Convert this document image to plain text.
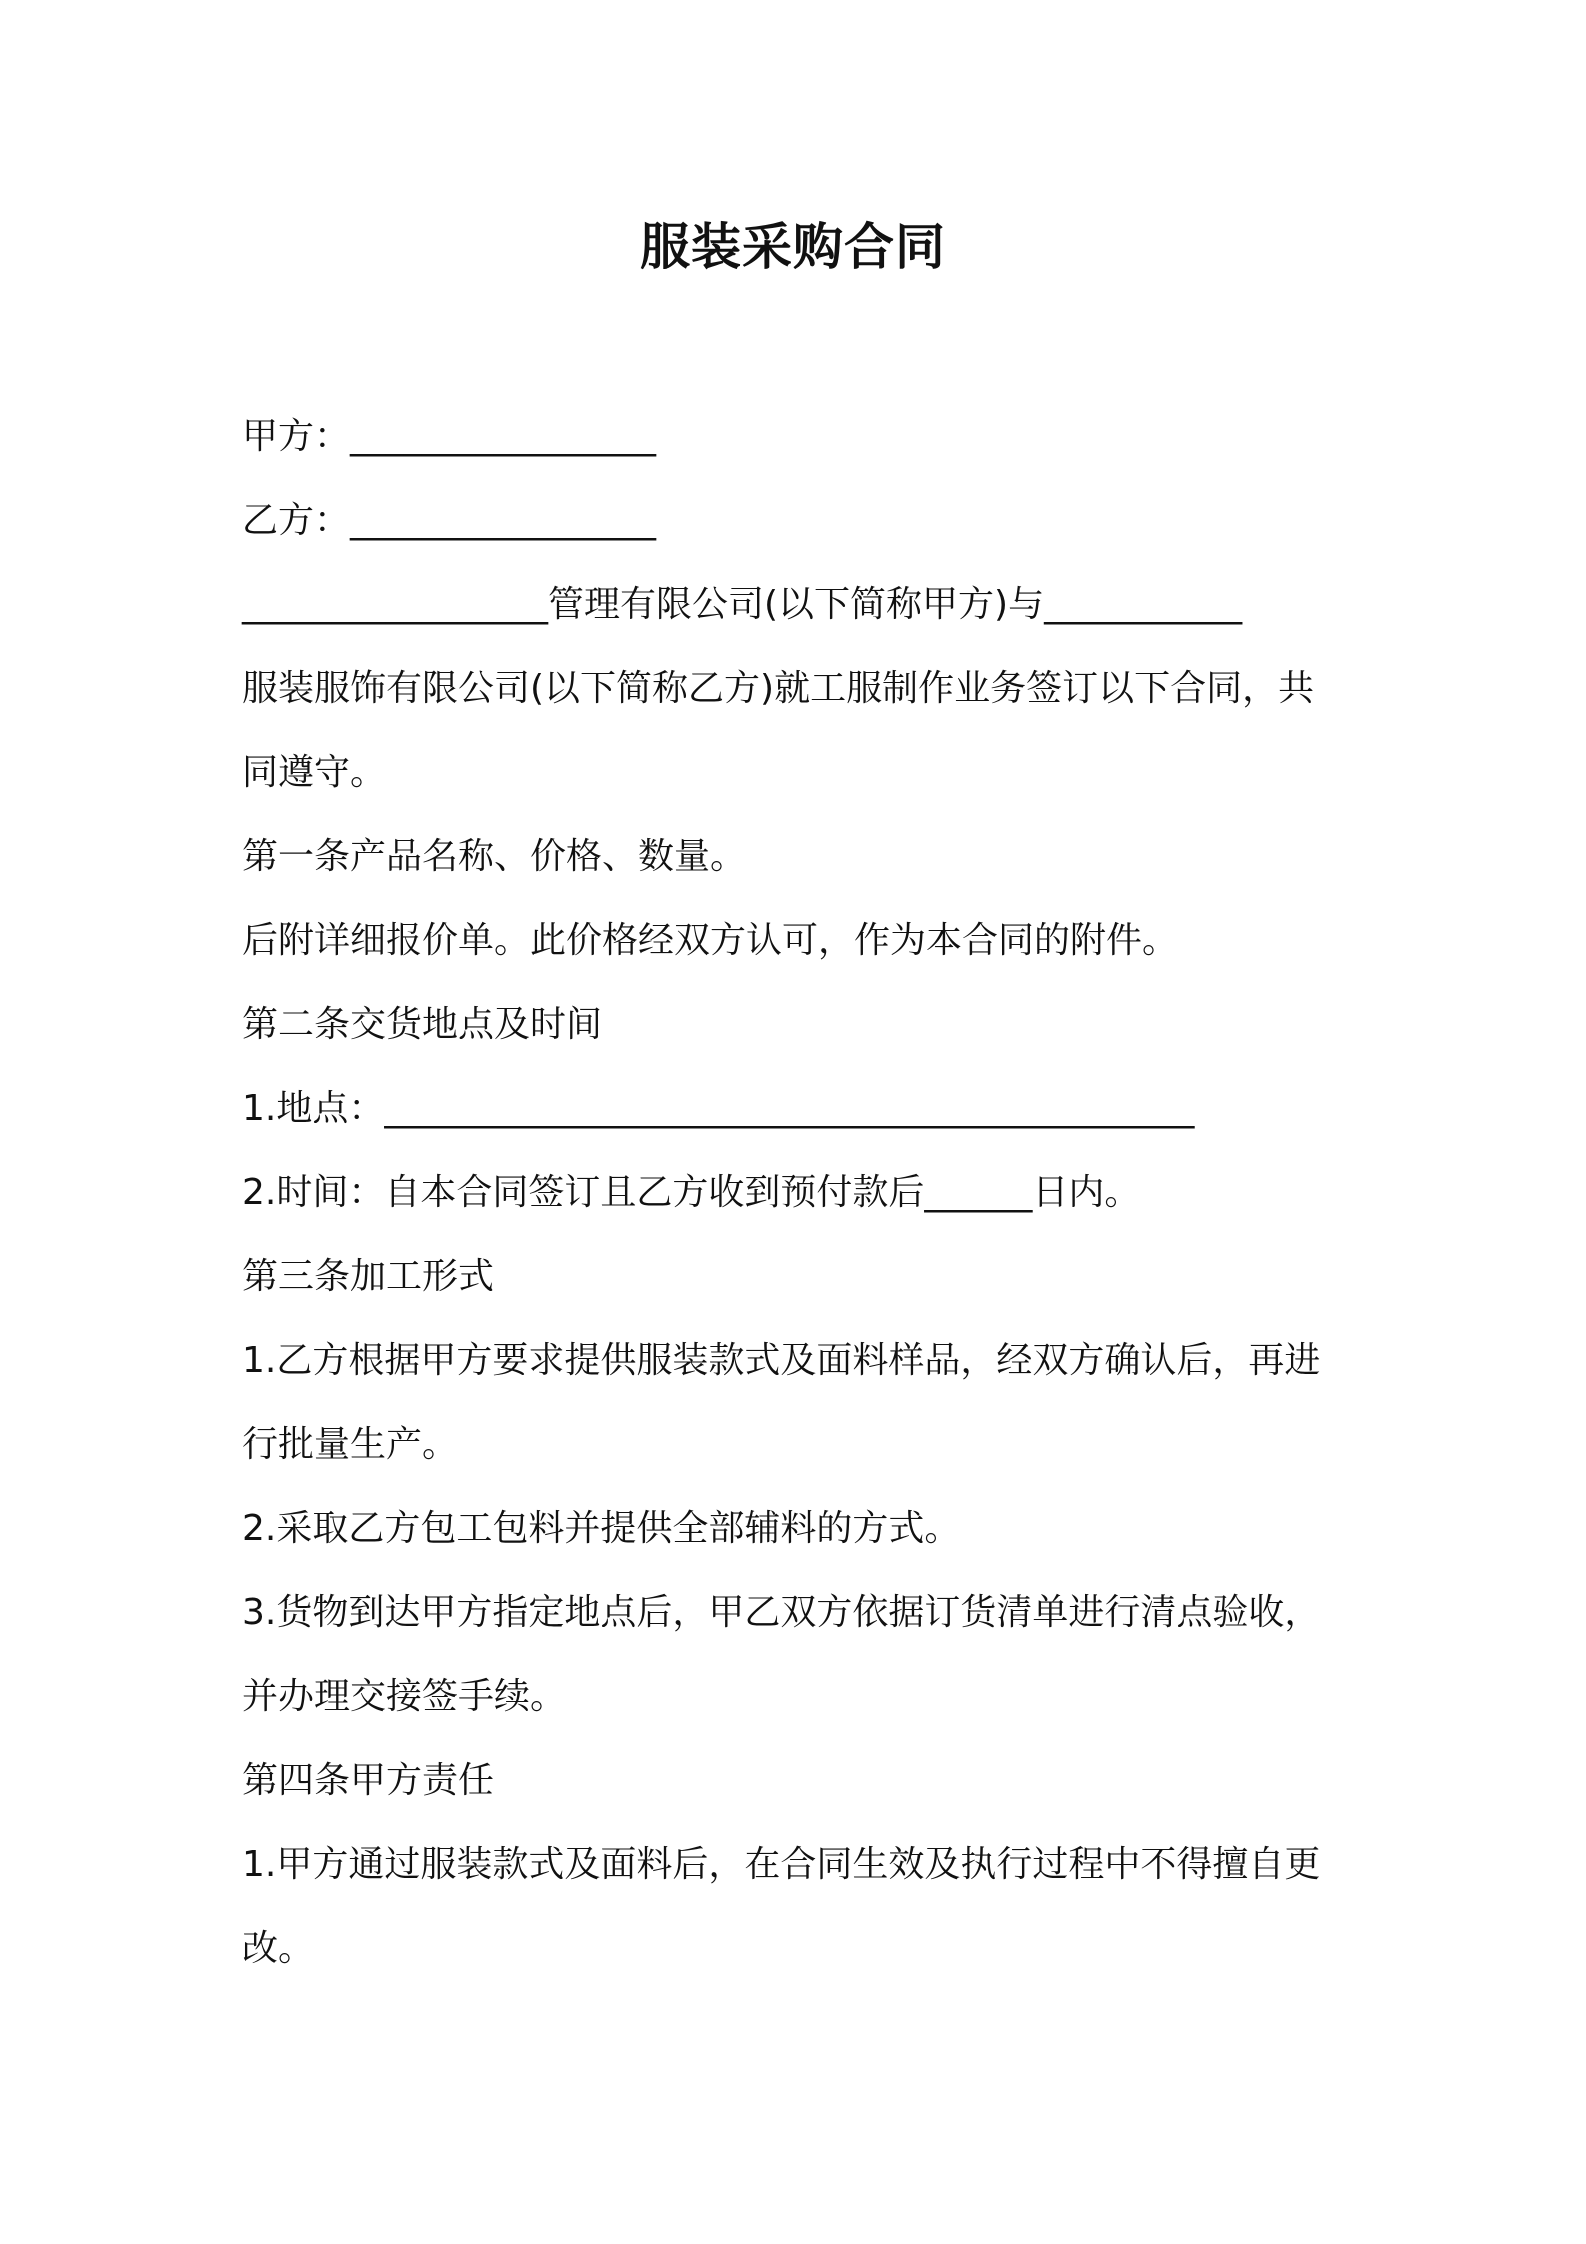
服装采购合同
甲方：_________________
乙方：_________________
_________________管理有限公司(以下简称甲方)与___________
服装服饰有限公司(以下简称乙方)就工服制作业务签订以下合同，共
同遵守。
第一条产品名称、价格、数量。
后附详细报价单。此价格经双方认可，作为本合同的附件。
第二条交货地点及时间
1.地点：_____________________________________________
2.时间：自本合同签订且乙方收到预付款后______日内。
第三条加工形式
1.乙方根据甲方要求提供服装款式及面料样品，经双方确认后，再进
行批量生产。
2.采取乙方包工包料并提供全部辅料的方式。
3.货物到达甲方指定地点后，甲乙双方依据订货清单进行清点验收，
并办理交接签手续。
第四条甲方责任
1.甲方通过服装款式及面料后，在合同生效及执行过程中不得擅自更
改。
